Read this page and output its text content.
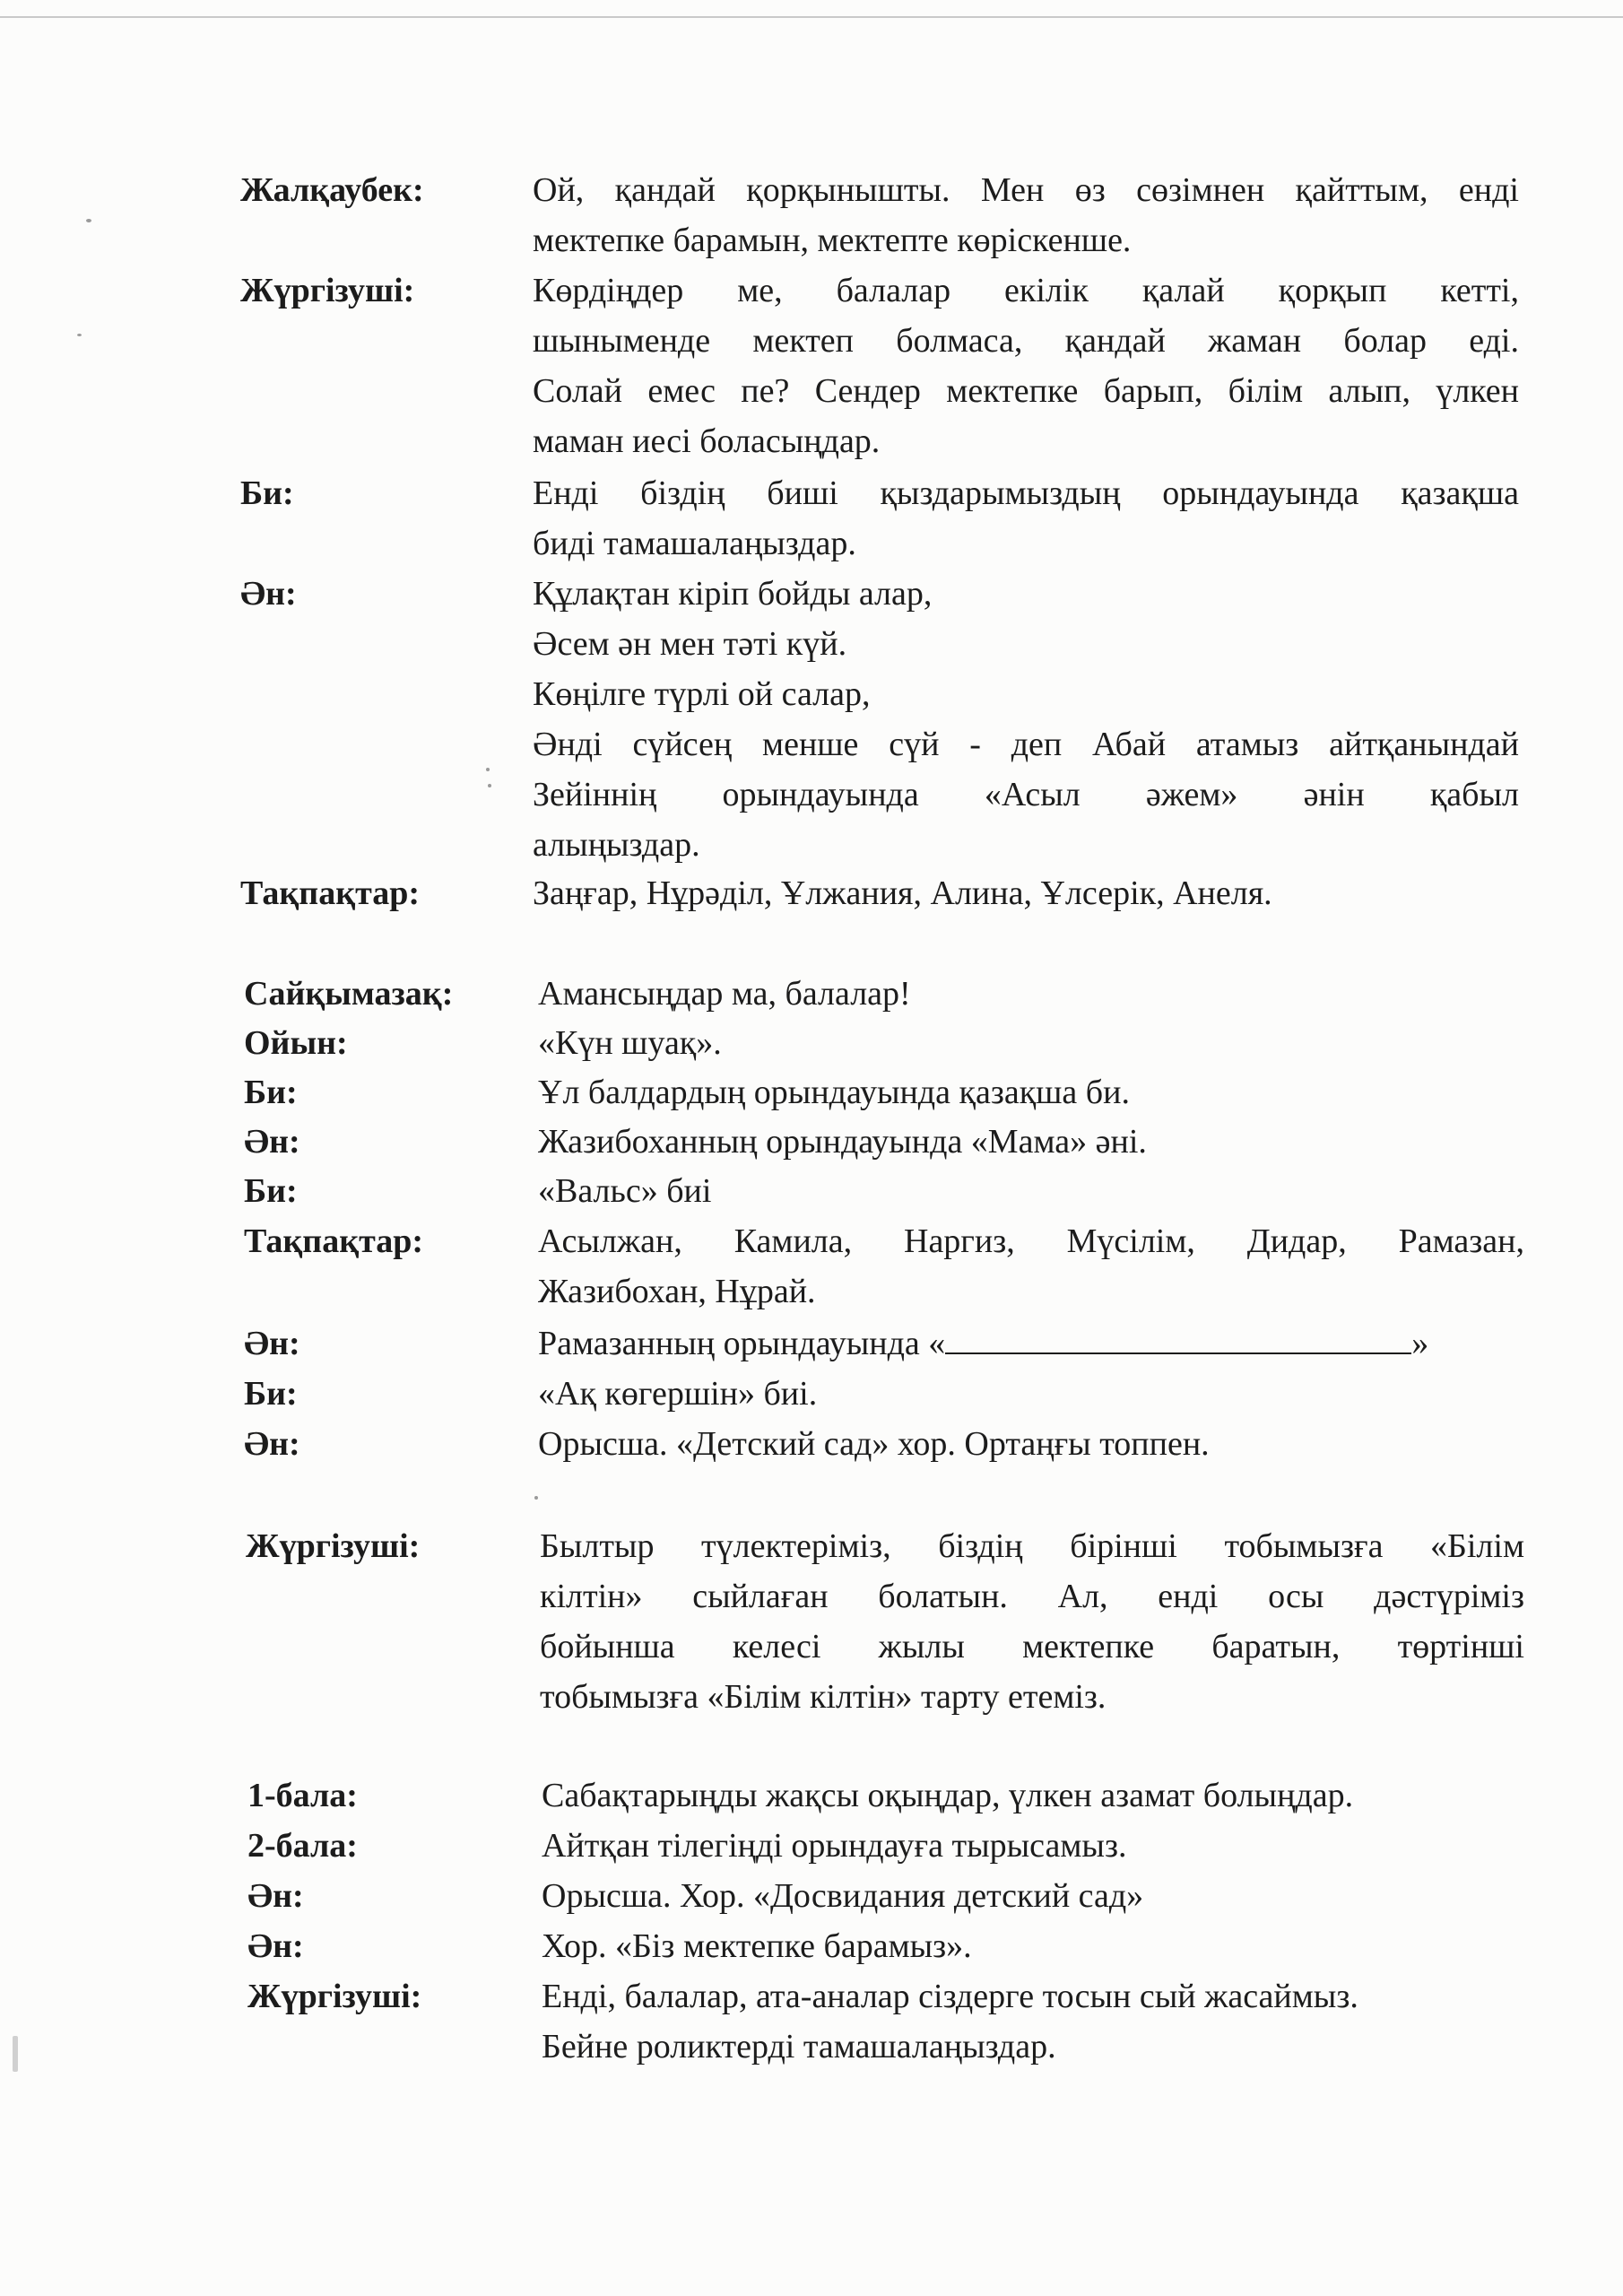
Жалқаубек:	Ой, қандай қорқынышты. Мен өз сөзімнен қайттым, енді
мектепке барамын, мектепте көріскенше.
Жүргізуші:	Көрдіңдер ме, балалар екілік қалай қорқып кетті,
шыныменде мектеп болмаса, қандай жаман болар еді.
Солай емес пе? Сендер мектепке барып, білім алып, үлкен
маман иесі боласыңдар.
Би:	Енді біздің биші қыздарымыздың орындауында қазақша
биді тамашалаңыздар.
Ән:	Құлақтан кіріп бойды алар,
Әсем ән мен тәті күй.
Көңілге түрлі ой салар,
Әнді сүйсең менше сүй - деп Абай атамыз айтқанындай
Зейіннің орындауында «Асыл әжем» әнін қабыл
алыңыздар.
Тақпақтар:	Заңғар, Нұрәділ, Ұлжания, Алина, Ұлсерік, Анеля.
Сайқымазақ: Амансыңдар ма, балалар!
Ойын:	«Күн шуақ».
Би:	Ұл балдардың орындауында қазақша би.
Ән:	Жазибоханның орындауында «Мама» әні.
Би:	«Вальс» биі
Тақпақтар:	Асылжан, Камила, Наргиз, Мүсілім, Дидар, Рамазан,
Жазибохан, Нұрай.
Ән:	Рамазанның орындауында «	»
Би:	«Ақ көгершін» биі.
Ән:	Орысша. «Детский сад» хор. Ортаңғы топпен.
Жүргізуші:	Былтыр түлектеріміз, біздің бірінші тобымызға «Білім
кілтін» сыйлаған болатын. Ал, енді осы дәстүріміз
бойынша келесі жылы мектепке баратын, төртінші
тобымызға «Білім кілтін» тарту етеміз.
1-бала:	Сабақтарыңды жақсы оқыңдар, үлкен азамат болыңдар.
2-бала:	Айтқан тілегіңді орындауға тырысамыз.
Ән:	Орысша. Хор. «Досвидания детский сад»
Ән:	Хор. «Біз мектепке барамыз».
Жүргізуші:	Енді, балалар, ата-аналар сіздерге тосын сый жасаймыз.
Бейне роликтерді тамашалаңыздар.
